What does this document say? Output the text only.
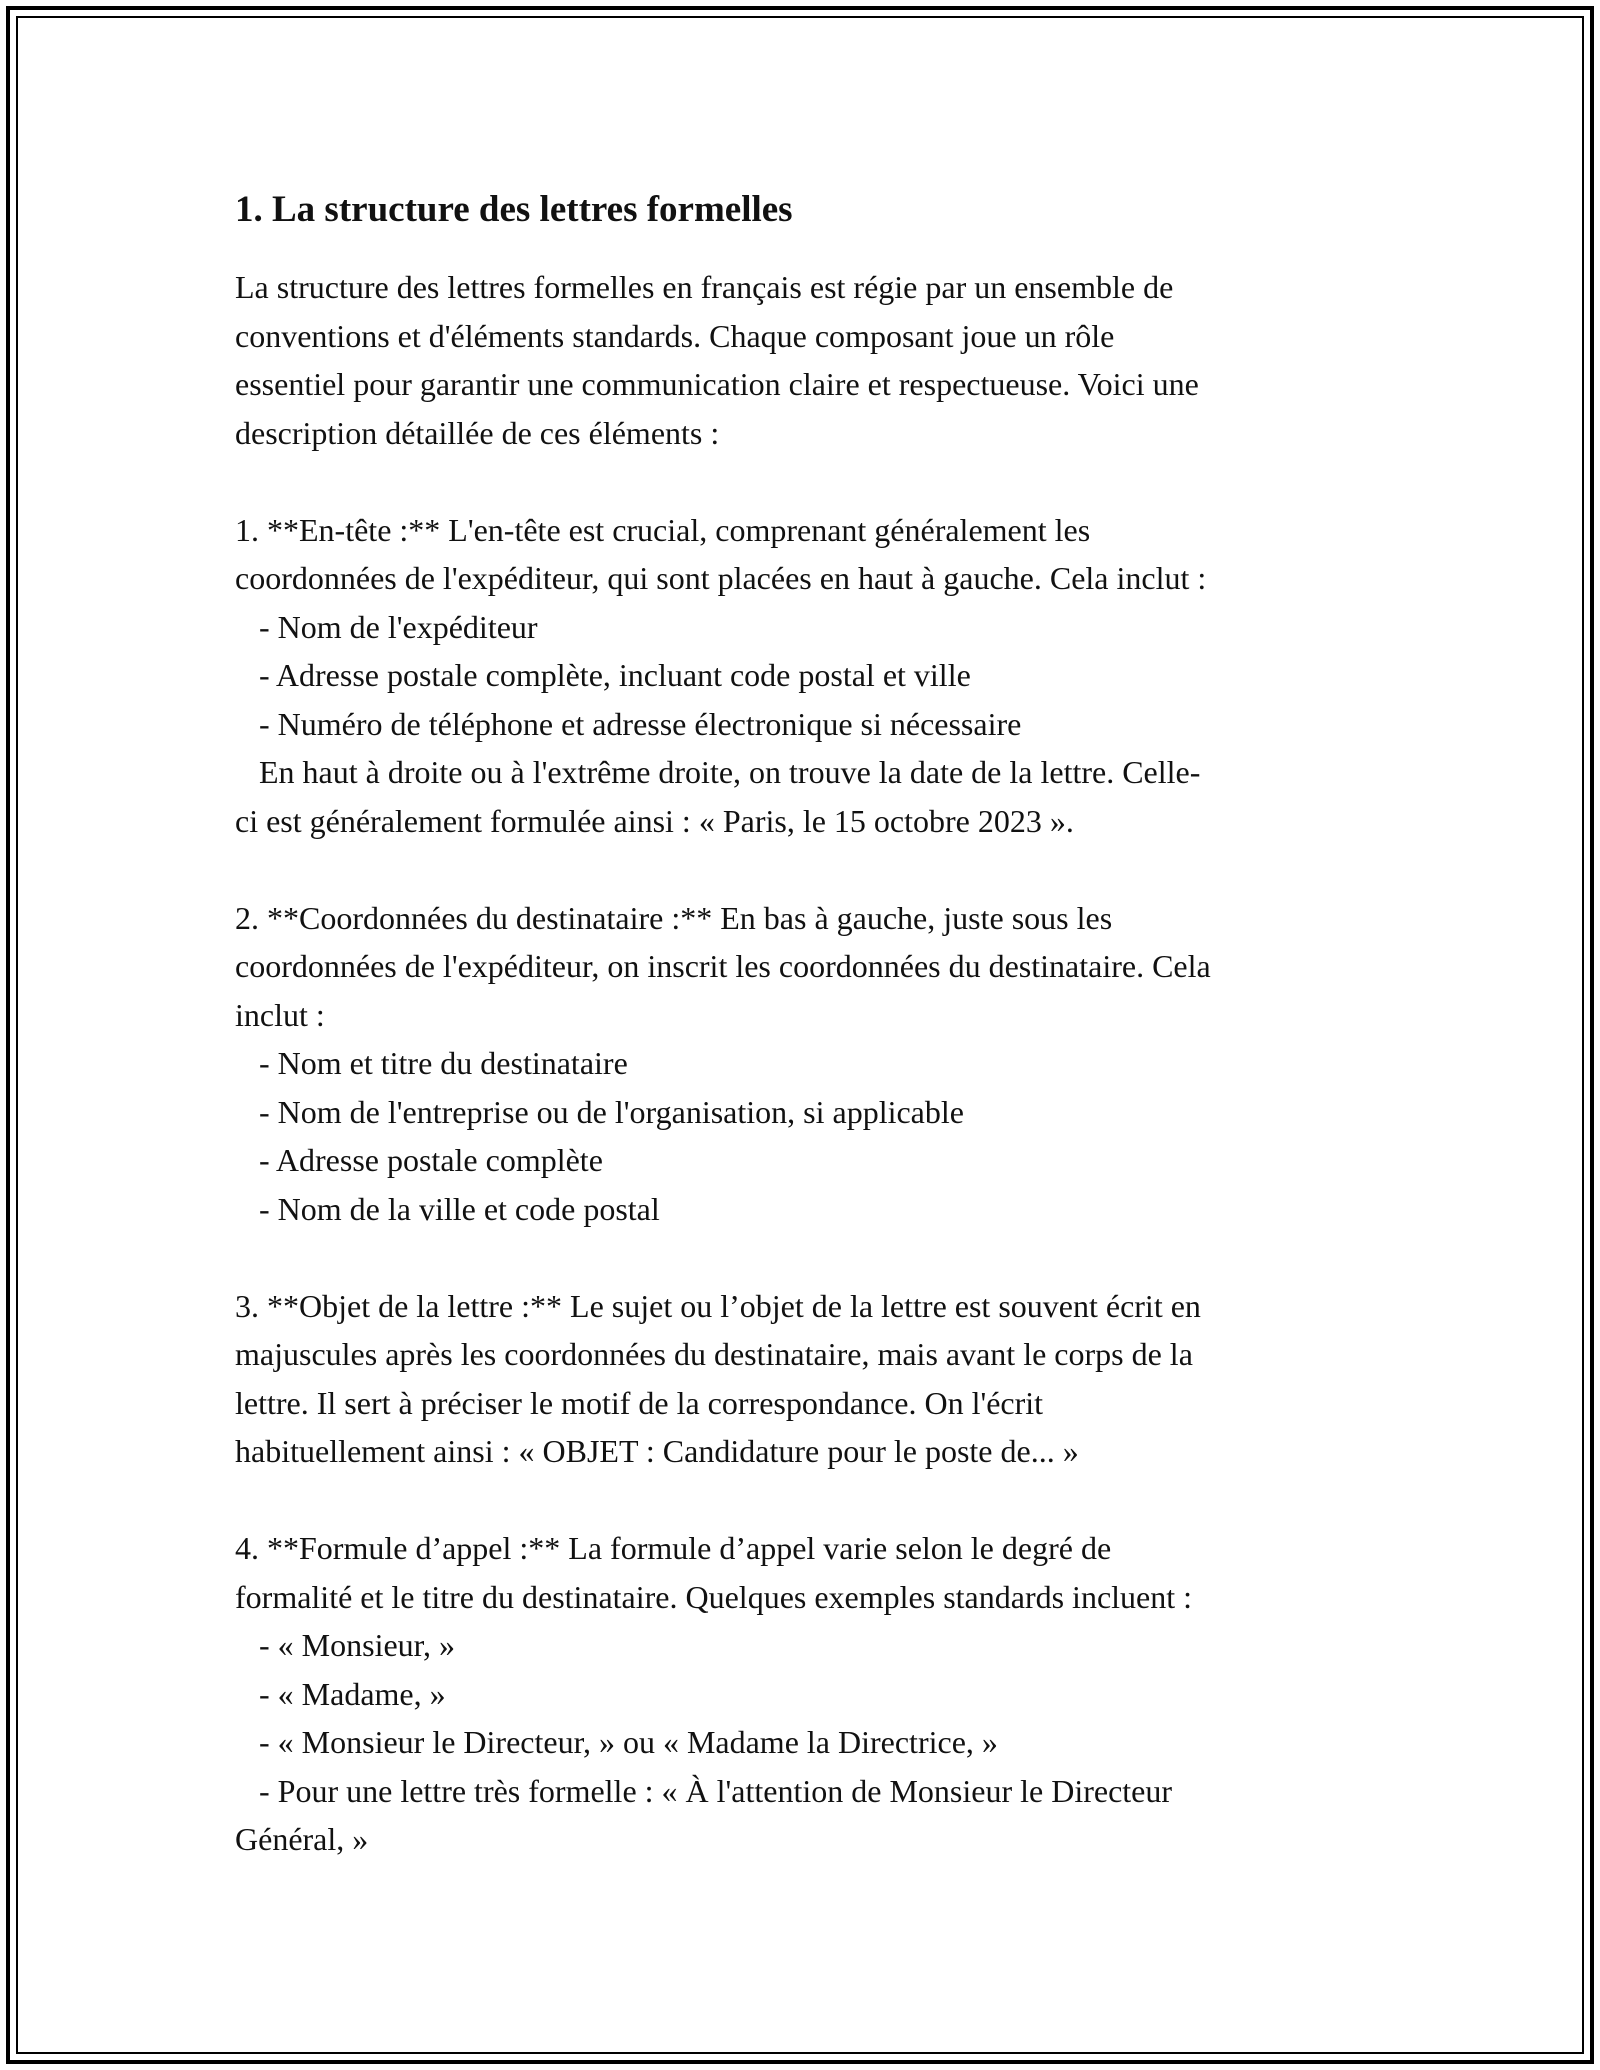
1. La structure des lettres formelles

La structure des lettres formelles en français est régie par un ensemble de
conventions et d'éléments standards. Chaque composant joue un rôle
essentiel pour garantir une communication claire et respectueuse. Voici une
description détaillée de ces éléments :

1. **En-tête :** L'en-tête est crucial, comprenant généralement les
coordonnées de l'expéditeur, qui sont placées en haut à gauche. Cela inclut :
- Nom de l'expéditeur
- Adresse postale complète, incluant code postal et ville
- Numéro de téléphone et adresse électronique si nécessaire
En haut à droite ou à l'extrême droite, on trouve la date de la lettre. Celle-
ci est généralement formulée ainsi : « Paris, le 15 octobre 2023 ».

2. **Coordonnées du destinataire :** En bas à gauche, juste sous les
coordonnées de l'expéditeur, on inscrit les coordonnées du destinataire. Cela
inclut :
- Nom et titre du destinataire
- Nom de l'entreprise ou de l'organisation, si applicable
- Adresse postale complète
- Nom de la ville et code postal

3. **Objet de la lettre :** Le sujet ou l’objet de la lettre est souvent écrit en
majuscules après les coordonnées du destinataire, mais avant le corps de la
lettre. Il sert à préciser le motif de la correspondance. On l'écrit
habituellement ainsi : « OBJET : Candidature pour le poste de... »

4. **Formule d’appel :** La formule d’appel varie selon le degré de
formalité et le titre du destinataire. Quelques exemples standards incluent :
- « Monsieur, »
- « Madame, »
- « Monsieur le Directeur, » ou « Madame la Directrice, »
- Pour une lettre très formelle : « À l'attention de Monsieur le Directeur
Général, »
